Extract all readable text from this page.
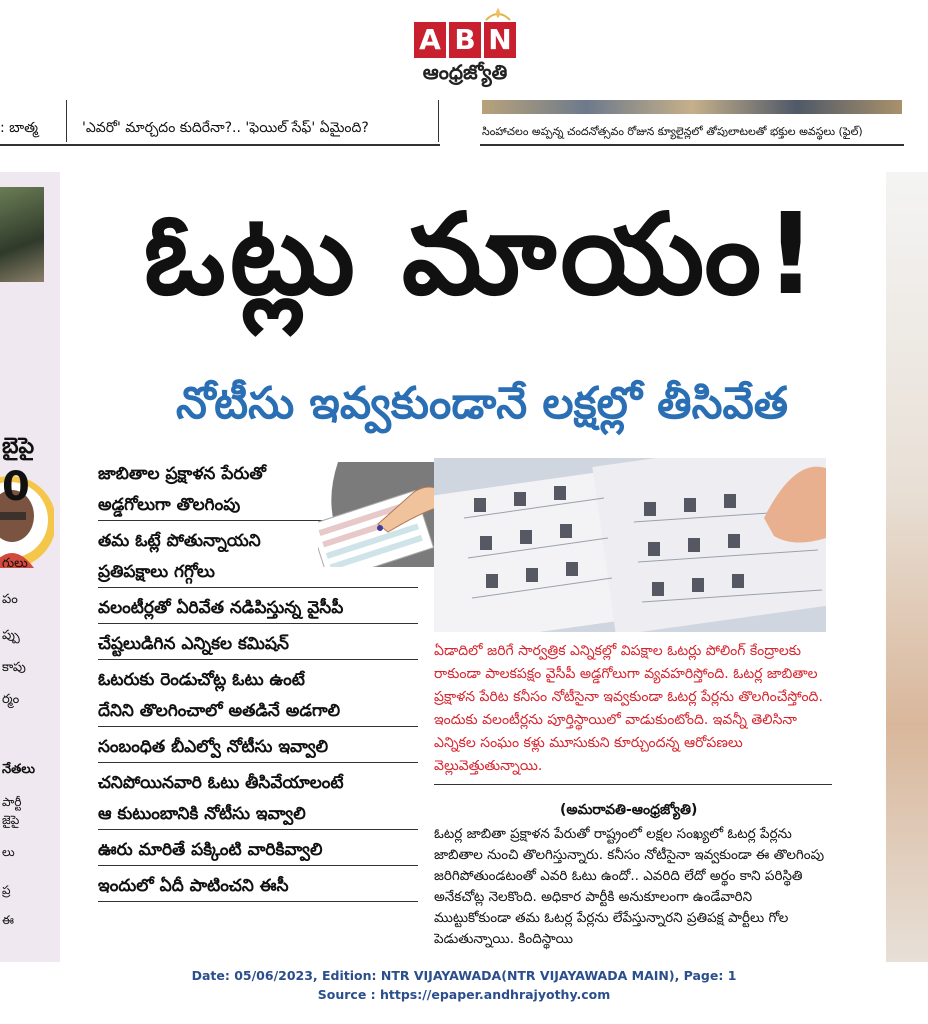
A B N
ఆంధ్రజ్యోతి
: బాత్మ	'ఎవరో' మార్చదం కుదిరేనా?.. 'ఫెయిల్ సేఫ్' ఏమైంది?	సింహాచలం అప్పన్న చందనోత్సవం రోజున క్యూలైన్లలో తోపులాటలతో భక్తుల అవస్థలు (ఫైల్)
బైపై
0
గులు
పం
ప్పు
కాపు
ర్మం
నేతలు
పార్టీ
జైపై
లు
ప్ర
ఈ
ఓట్లు మాయం!
నోటీసు ఇవ్వకుండానే లక్షల్లో తీసివేత
జాబితాల ప్రక్షాళన పేరుతో
అడ్డగోలుగా తొలగింపు
తమ ఓట్లే పోతున్నాయని
ప్రతిపక్షాలు గగ్గోలు
వలంటీర్లతో ఏరివేత నడిపిస్తున్న వైసీపీ
చేష్టలుడిగిన ఎన్నికల కమిషన్
ఓటరుకు రెండుచోట్ల ఓటు ఉంటే
దేనిని తొలగించాలో అతడినే అడగాలి
సంబంధిత బీఎల్వో నోటీసు ఇవ్వాలి
చనిపోయినవారి ఓటు తీసివేయాలంటే
ఆ కుటుంబానికి నోటీసు ఇవ్వాలి
ఊరు మారితే పక్కింటి వారికివ్వాలి
ఇందులో ఏదీ పాటించని ఈసీ
ఏడాదిలో జరిగే సార్వత్రిక ఎన్నికల్లో విపక్షాల ఓటర్లు పోలింగ్ కేంద్రాలకు రాకుండా పాలకపక్షం వైసీపీ అడ్డగోలుగా వ్యవహరిస్తోంది. ఓటర్ల జాబితాల ప్రక్షాళన పేరిట కనీసం నోటీసైనా ఇవ్వకుండా ఓటర్ల పేర్లను తొలగించేస్తోంది. ఇందుకు వలంటీర్లను పూర్తిస్థాయిలో వాడుకుంటోంది. ఇవన్నీ తెలిసినా ఎన్నికల సంఘం కళ్లు మూసుకుని కూర్చుందన్న ఆరోపణలు వెల్లువెత్తుతున్నాయి.
(అమరావతి-ఆంధ్రజ్యోతి)
ఓటర్ల జాబితా ప్రక్షాళన పేరుతో రాష్ట్రంలో లక్షల సంఖ్యలో ఓటర్ల పేర్లను జాబితాల నుంచి తొలగిస్తున్నారు. కనీసం నోటీసైనా ఇవ్వకుండా ఈ తొలగింపు జరిగిపోతుండటంతో ఎవరి ఓటు ఉందో.. ఎవరిది లేదో అర్థం కాని పరిస్థితి అనేకచోట్ల నెలకొంది. అధికార పార్టీకి అనుకూలంగా ఉండేవారిని ముట్టుకోకుండా తమ ఓటర్ల పేర్లను లేపేస్తున్నారని ప్రతిపక్ష పార్టీలు గోల పెడుతున్నాయి. కిందిస్థాయి
Date: 05/06/2023, Edition: NTR VIJAYAWADA(NTR VIJAYAWADA MAIN), Page: 1
Source : https://epaper.andhrajyothy.com
